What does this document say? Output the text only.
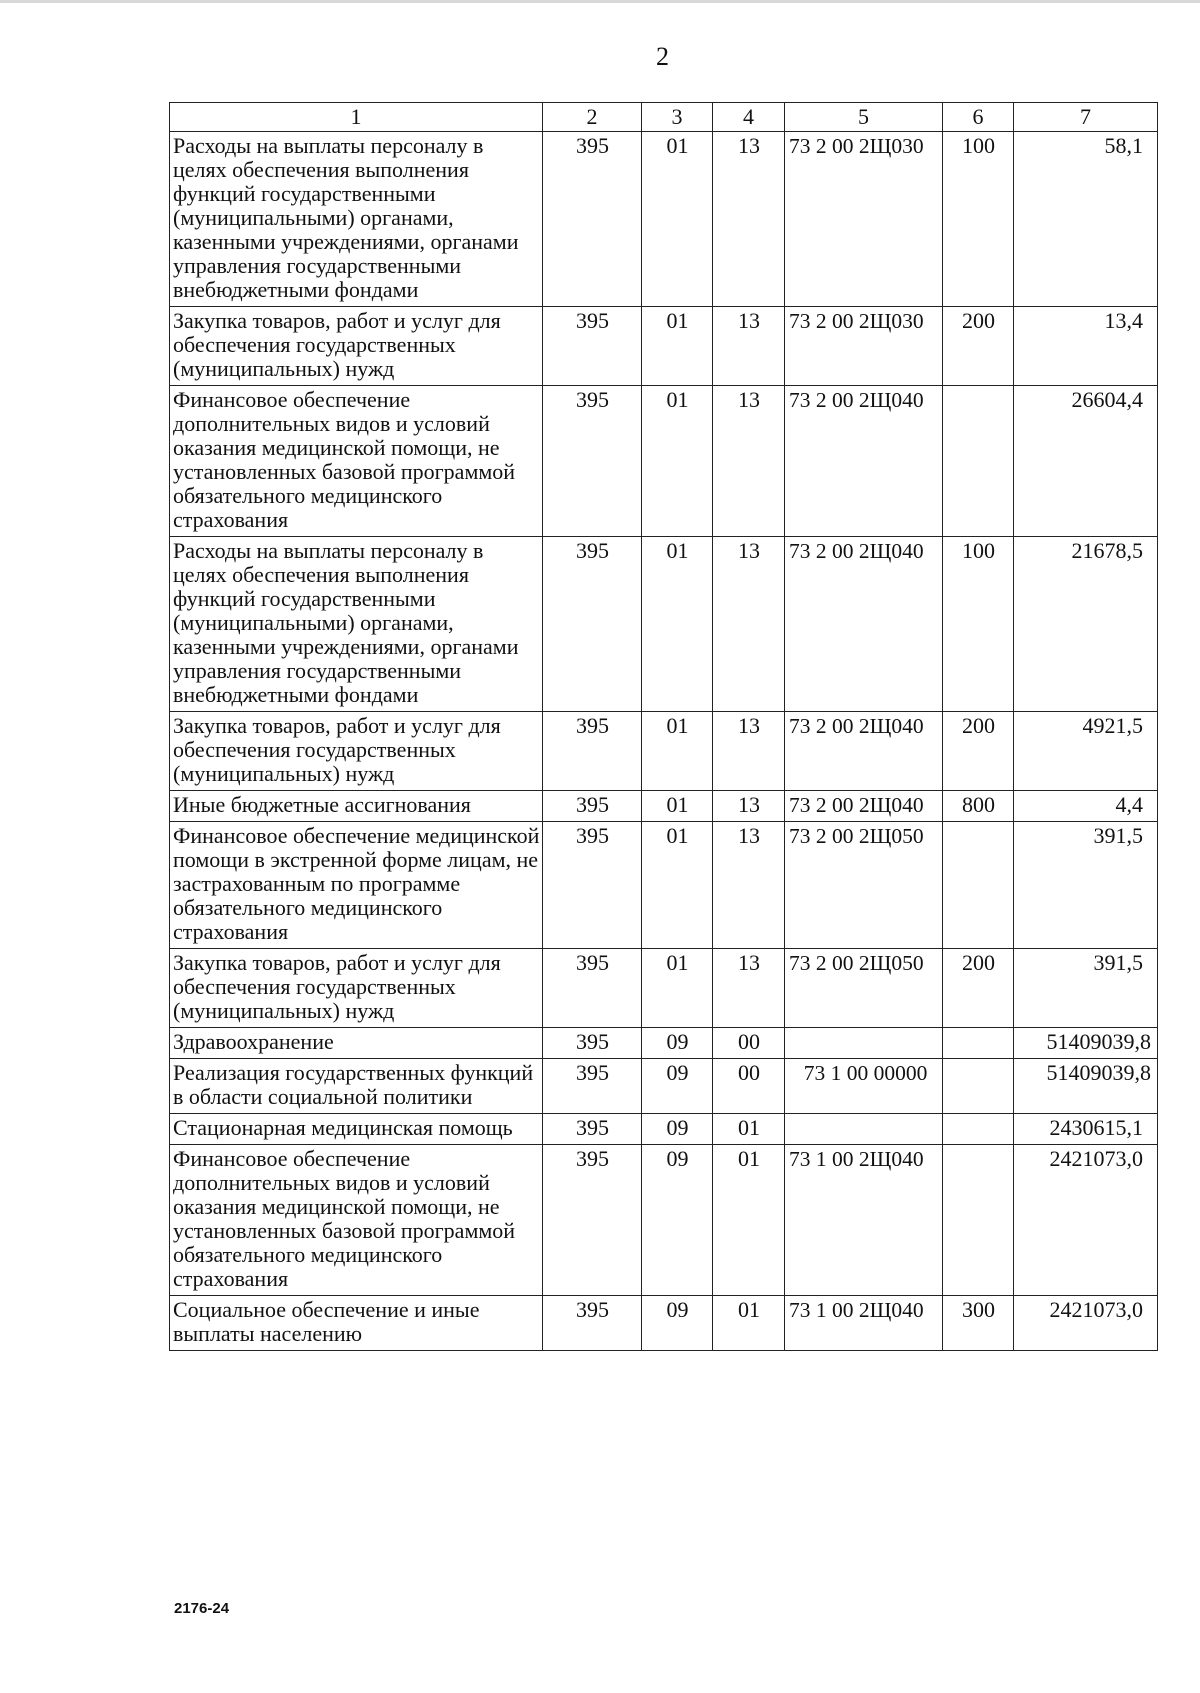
2
1	2	3	4	5	6	7
Расходы на выплаты персоналу в целях обеспечения выполнения функций государственными (муниципальными) органами, казенными учреждениями, органами управления государственными внебюджетными фондами	395	01	13	73 2 00 2Щ030	100	58,1
Закупка товаров, работ и услуг для обеспечения государственных (муниципальных) нужд	395	01	13	73 2 00 2Щ030	200	13,4
Финансовое обеспечение дополнительных видов и условий оказания медицинской помощи, не установленных базовой программой обязательного медицинского страхования	395	01	13	73 2 00 2Щ040		26604,4
Расходы на выплаты персоналу в целях обеспечения выполнения функций государственными (муниципальными) органами, казенными учреждениями, органами управления государственными внебюджетными фондами	395	01	13	73 2 00 2Щ040	100	21678,5
Закупка товаров, работ и услуг для обеспечения государственных (муниципальных) нужд	395	01	13	73 2 00 2Щ040	200	4921,5
Иные бюджетные ассигнования	395	01	13	73 2 00 2Щ040	800	4,4
Финансовое обеспечение медицинской помощи в экстренной форме лицам, не застрахованным по программе обязательного медицинского страхования	395	01	13	73 2 00 2Щ050		391,5
Закупка товаров, работ и услуг для обеспечения государственных (муниципальных) нужд	395	01	13	73 2 00 2Щ050	200	391,5
Здравоохранение	395	09	00			51409039,8
Реализация государственных функций в области социальной политики	395	09	00	73 1 00 00000		51409039,8
Стационарная медицинская помощь	395	09	01			2430615,1
Финансовое обеспечение дополнительных видов и условий оказания медицинской помощи, не установленных базовой программой обязательного медицинского страхования	395	09	01	73 1 00 2Щ040		2421073,0
Социальное обеспечение и иные выплаты населению	395	09	01	73 1 00 2Щ040	300	2421073,0
2176-24
